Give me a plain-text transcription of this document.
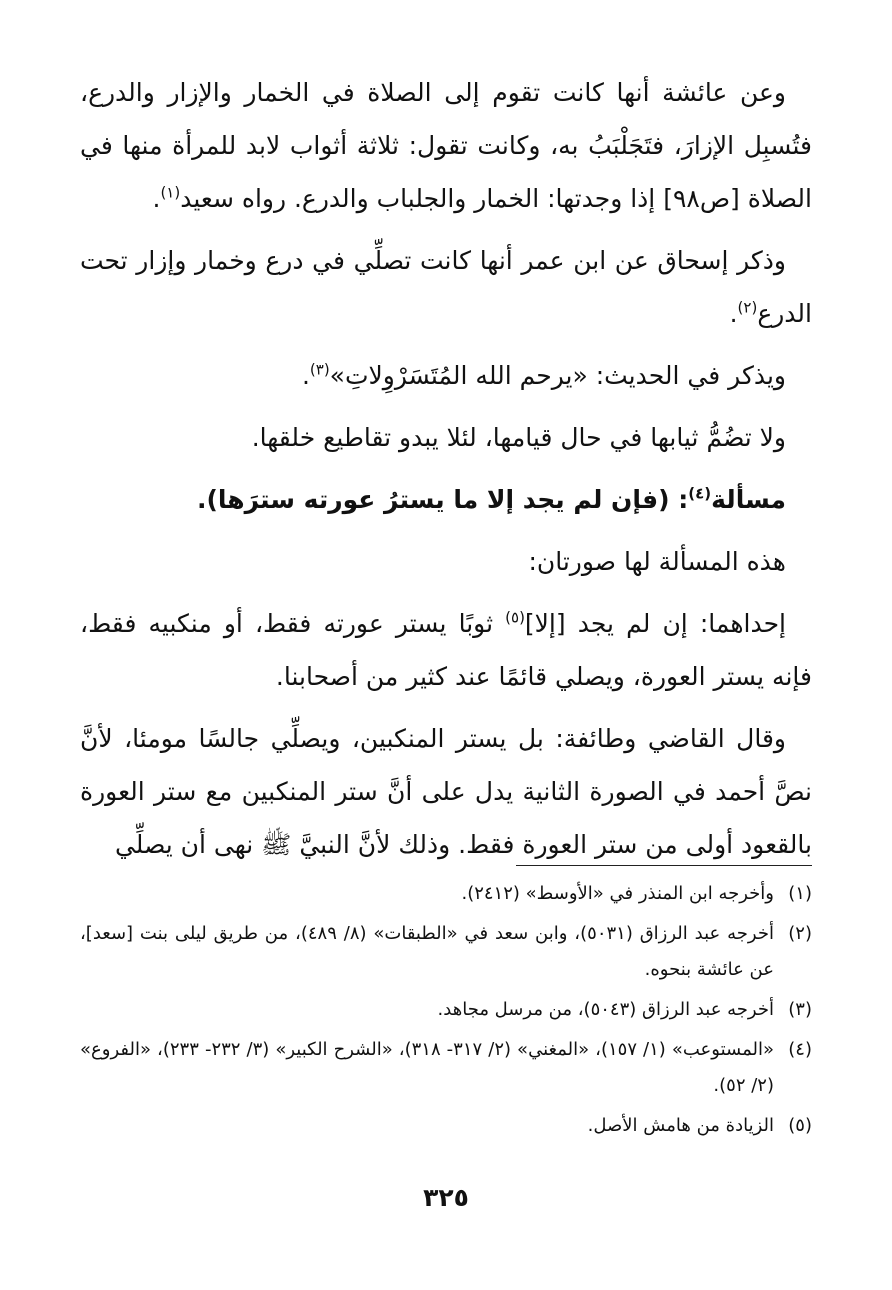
وعن عائشة أنها كانت تقوم إلى الصلاة في الخمار والإزار والدرع، فتُسبِل الإزارَ، فتَجَلْبَبُ به، وكانت تقول: ثلاثة أثواب لابد للمرأة منها في الصلاة [ص٩٨] إذا وجدتها: الخمار والجلباب والدرع. رواه سعيد$^{(١)}$.

وذكر إسحاق عن ابن عمر أنها كانت تصلِّي في درع وخمار وإزار تحت الدرع$^{(٢)}$.

ويذكر في الحديث: «يرحم الله المُتَسَرْوِلاتِ»$^{(٣)}$.

ولا تضُمُّ ثيابها في حال قيامها، لئلا يبدو تقاطيع خلقها.

مسألة$^{(٤)}$: (فإن لم يجد إلا ما يسترُ عورته سترَها).

هذه المسألة لها صورتان:

إحداهما: إن لم يجد [إلا]$^{(٥)}$ ثوبًا يستر عورته فقط، أو منكبيه فقط، فإنه يستر العورة، ويصلي قائمًا عند كثير من أصحابنا.

وقال القاضي وطائفة: بل يستر المنكبين، ويصلِّي جالسًا مومئا، لأنَّ نصَّ أحمد في الصورة الثانية يدل على أنَّ ستر المنكبين مع ستر العورة بالقعود أولى من ستر العورة فقط. وذلك لأنَّ النبيَّ ﷺ نهى أن يصلِّي

(١)
وأخرجه ابن المنذر في «الأوسط» (٢٤١٢).
(٢)
أخرجه عبد الرزاق (٥٠٣١)، وابن سعد في «الطبقات» (٨/ ٤٨٩)، من طريق ليلى بنت [سعد]، عن عائشة بنحوه.
(٣)
أخرجه عبد الرزاق (٥٠٤٣)، من مرسل مجاهد.
(٤)
«المستوعب» (١/ ١٥٧)، «المغني» (٢/ ٣١٧- ٣١٨)، «الشرح الكبير» (٣/ ٢٣٢- ٢٣٣)، «الفروع» (٢/ ٥٢).
(٥)
الزيادة من هامش الأصل.
٣٢٥
